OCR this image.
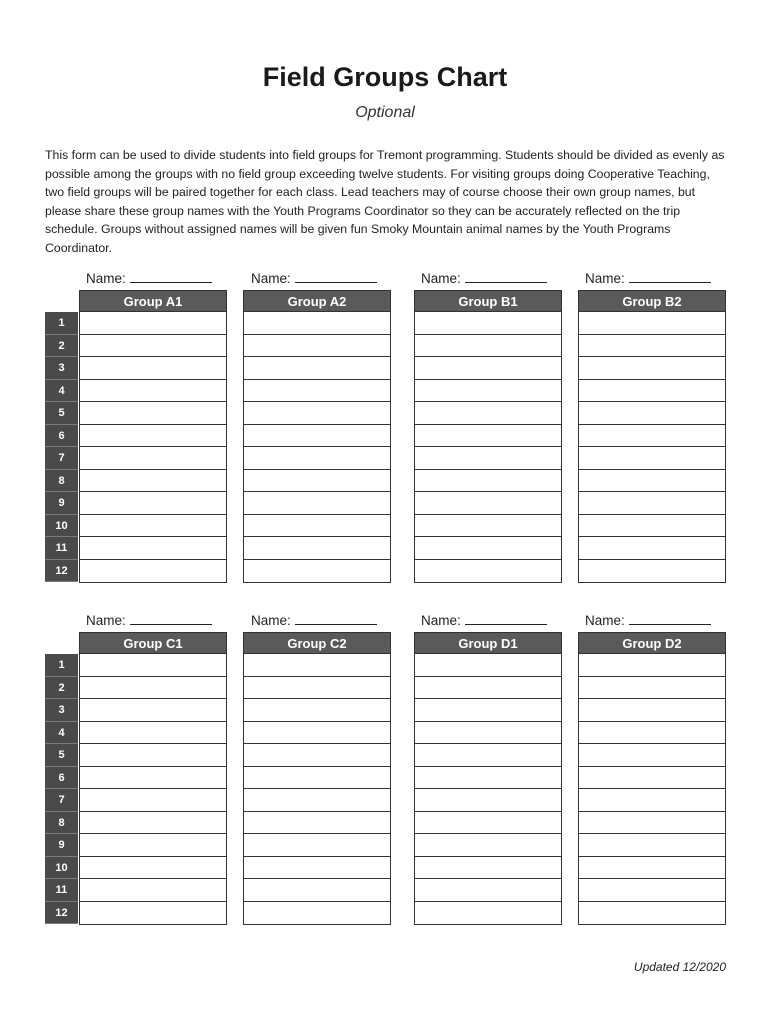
Field Groups Chart
Optional

This form can be used to divide students into field groups for Tremont programming. Students should be divided as evenly as possible among the groups with no field group exceeding twelve students. For visiting groups doing Cooperative Teaching, two field groups will be paired together for each class. Lead teachers may of course choose their own group names, but please share these group names with the Youth Programs Coordinator so they can be accurately reflected on the trip schedule. Groups without assigned names will be given fun Smoky Mountain animal names by the Youth Programs Coordinator.

1
2
3
4
5
6
7
8
9
10
11
12
Name:
Group A1
Name:
Group A2
Name:
Group B1
Name:
Group B2
1
2
3
4
5
6
7
8
9
10
11
12
Name:
Group C1
Name:
Group C2
Name:
Group D1
Name:
Group D2
Updated 12/2020
